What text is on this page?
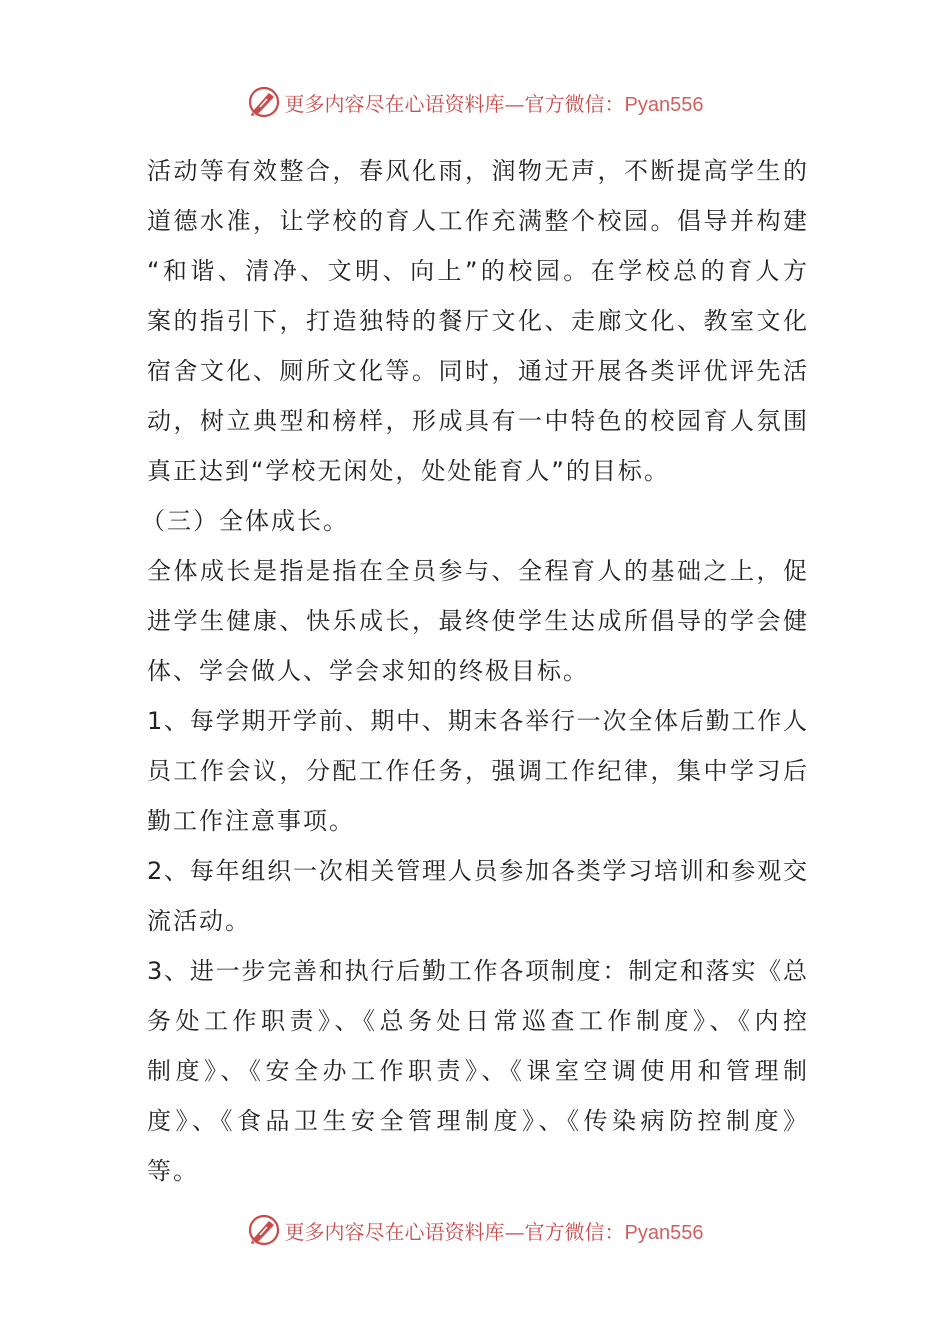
更多内容尽在心语资料库—官方微信：Pyan556
活动等有效整合，春风化雨，润物无声，不断提高学生的
道德水准，让学校的育人工作充满整个校园。倡导并构建
“和谐、清净、文明、向上”的校园。在学校总的育人方
案的指引下，打造独特的餐厅文化、走廊文化、教室文化
宿舍文化、厕所文化等。同时，通过开展各类评优评先活
动，树立典型和榜样，形成具有一中特色的校园育人氛围
真正达到“学校无闲处，处处能育人”的目标。
（三）全体成长。
全体成长是指是指在全员参与、全程育人的基础之上，促
进学生健康、快乐成长，最终使学生达成所倡导的学会健
体、学会做人、学会求知的终极目标。
1、每学期开学前、期中、期末各举行一次全体后勤工作人
员工作会议，分配工作任务，强调工作纪律，集中学习后
勤工作注意事项。
2、每年组织一次相关管理人员参加各类学习培训和参观交
流活动。
3、进一步完善和执行后勤工作各项制度：制定和落实《总
务处工作职责》、《总务处日常巡查工作制度》、《内控
制度》、《安全办工作职责》、《课室空调使用和管理制
度》、《食品卫生安全管理制度》、《传染病防控制度》
等。
更多内容尽在心语资料库—官方微信：Pyan556
